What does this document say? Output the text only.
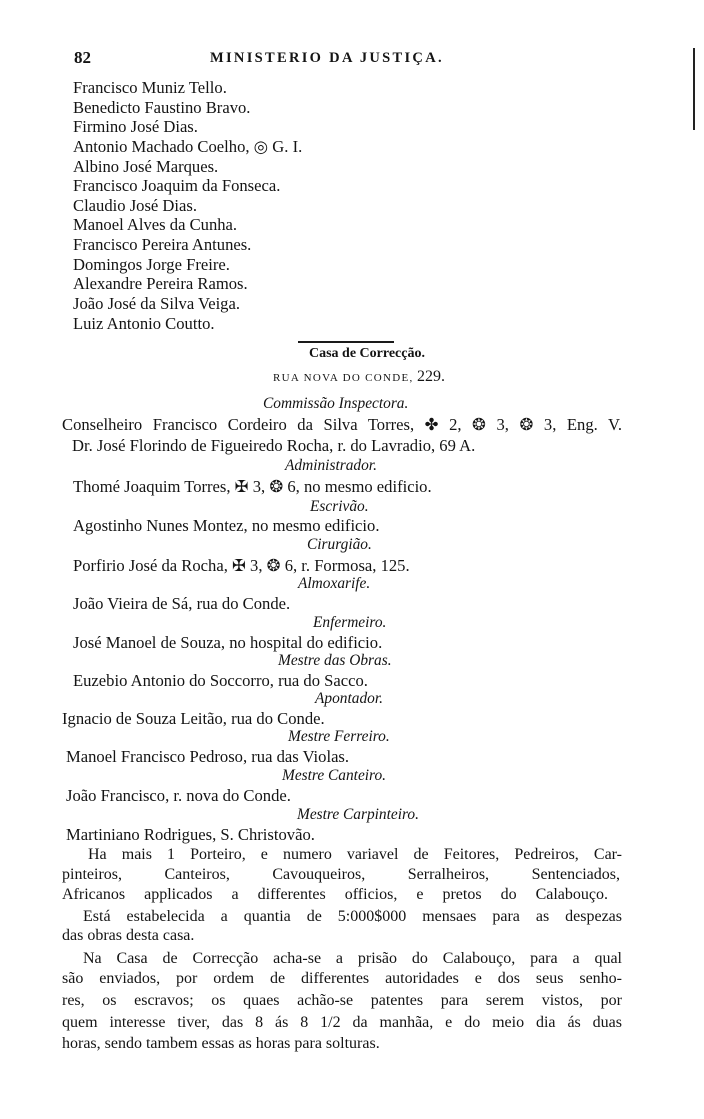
82	MINISTERIO DA JUSTIÇA.
Francisco Muniz Tello.
Benedicto Faustino Bravo.
Firmino José Dias.
Antonio Machado Coelho, ◎ G. I.
Albino José Marques.
Francisco Joaquim da Fonseca.
Claudio José Dias.
Manoel Alves da Cunha.
Francisco Pereira Antunes.
Domingos Jorge Freire.
Alexandre Pereira Ramos.
João José da Silva Veiga.
Luiz Antonio Coutto.
Casa de Correcção.
RUA NOVA DO CONDE, 229.
Commissão Inspectora.
Conselheiro Francisco Cordeiro da Silva Torres, ✤ 2, ❂ 3, ❂ 3, Eng. V.
Dr. José Florindo de Figueiredo Rocha, r. do Lavradio, 69 A.
Administrador.
Thomé Joaquim Torres, ✠ 3, ❂ 6, no mesmo edificio.
Escrivão.
Agostinho Nunes Montez, no mesmo edificio.
Cirurgião.
Porfirio José da Rocha, ✠ 3, ❂ 6, r. Formosa, 125.
Almoxarife.
João Vieira de Sá, rua do Conde.
Enfermeiro.
José Manoel de Souza, no hospital do edificio.
Mestre das Obras.
Euzebio Antonio do Soccorro, rua do Sacco.
Apontador.
Ignacio de Souza Leitão, rua do Conde.
Mestre Ferreiro.
Manoel Francisco Pedroso, rua das Violas.
Mestre Canteiro.
João Francisco, r. nova do Conde.
Mestre Carpinteiro.
Martiniano Rodrigues, S. Christovão.
Ha mais 1 Porteiro, e numero variavel de Feitores, Pedreiros, Car-
pinteiros, Canteiros, Cavouqueiros, Serralheiros, Sentenciados,
Africanos applicados a differentes officios, e pretos do Calabouço.
Está estabelecida a quantia de 5:000$000 mensaes para as despezas
das obras desta casa.
Na Casa de Correcção acha-se a prisão do Calabouço, para a qual
são enviados, por ordem de differentes autoridades e dos seus senho-
res, os escravos; os quaes achão-se patentes para serem vistos, por
quem interesse tiver, das 8 ás 8 1/2 da manhãa, e do meio dia ás duas
horas, sendo tambem essas as horas para solturas.
